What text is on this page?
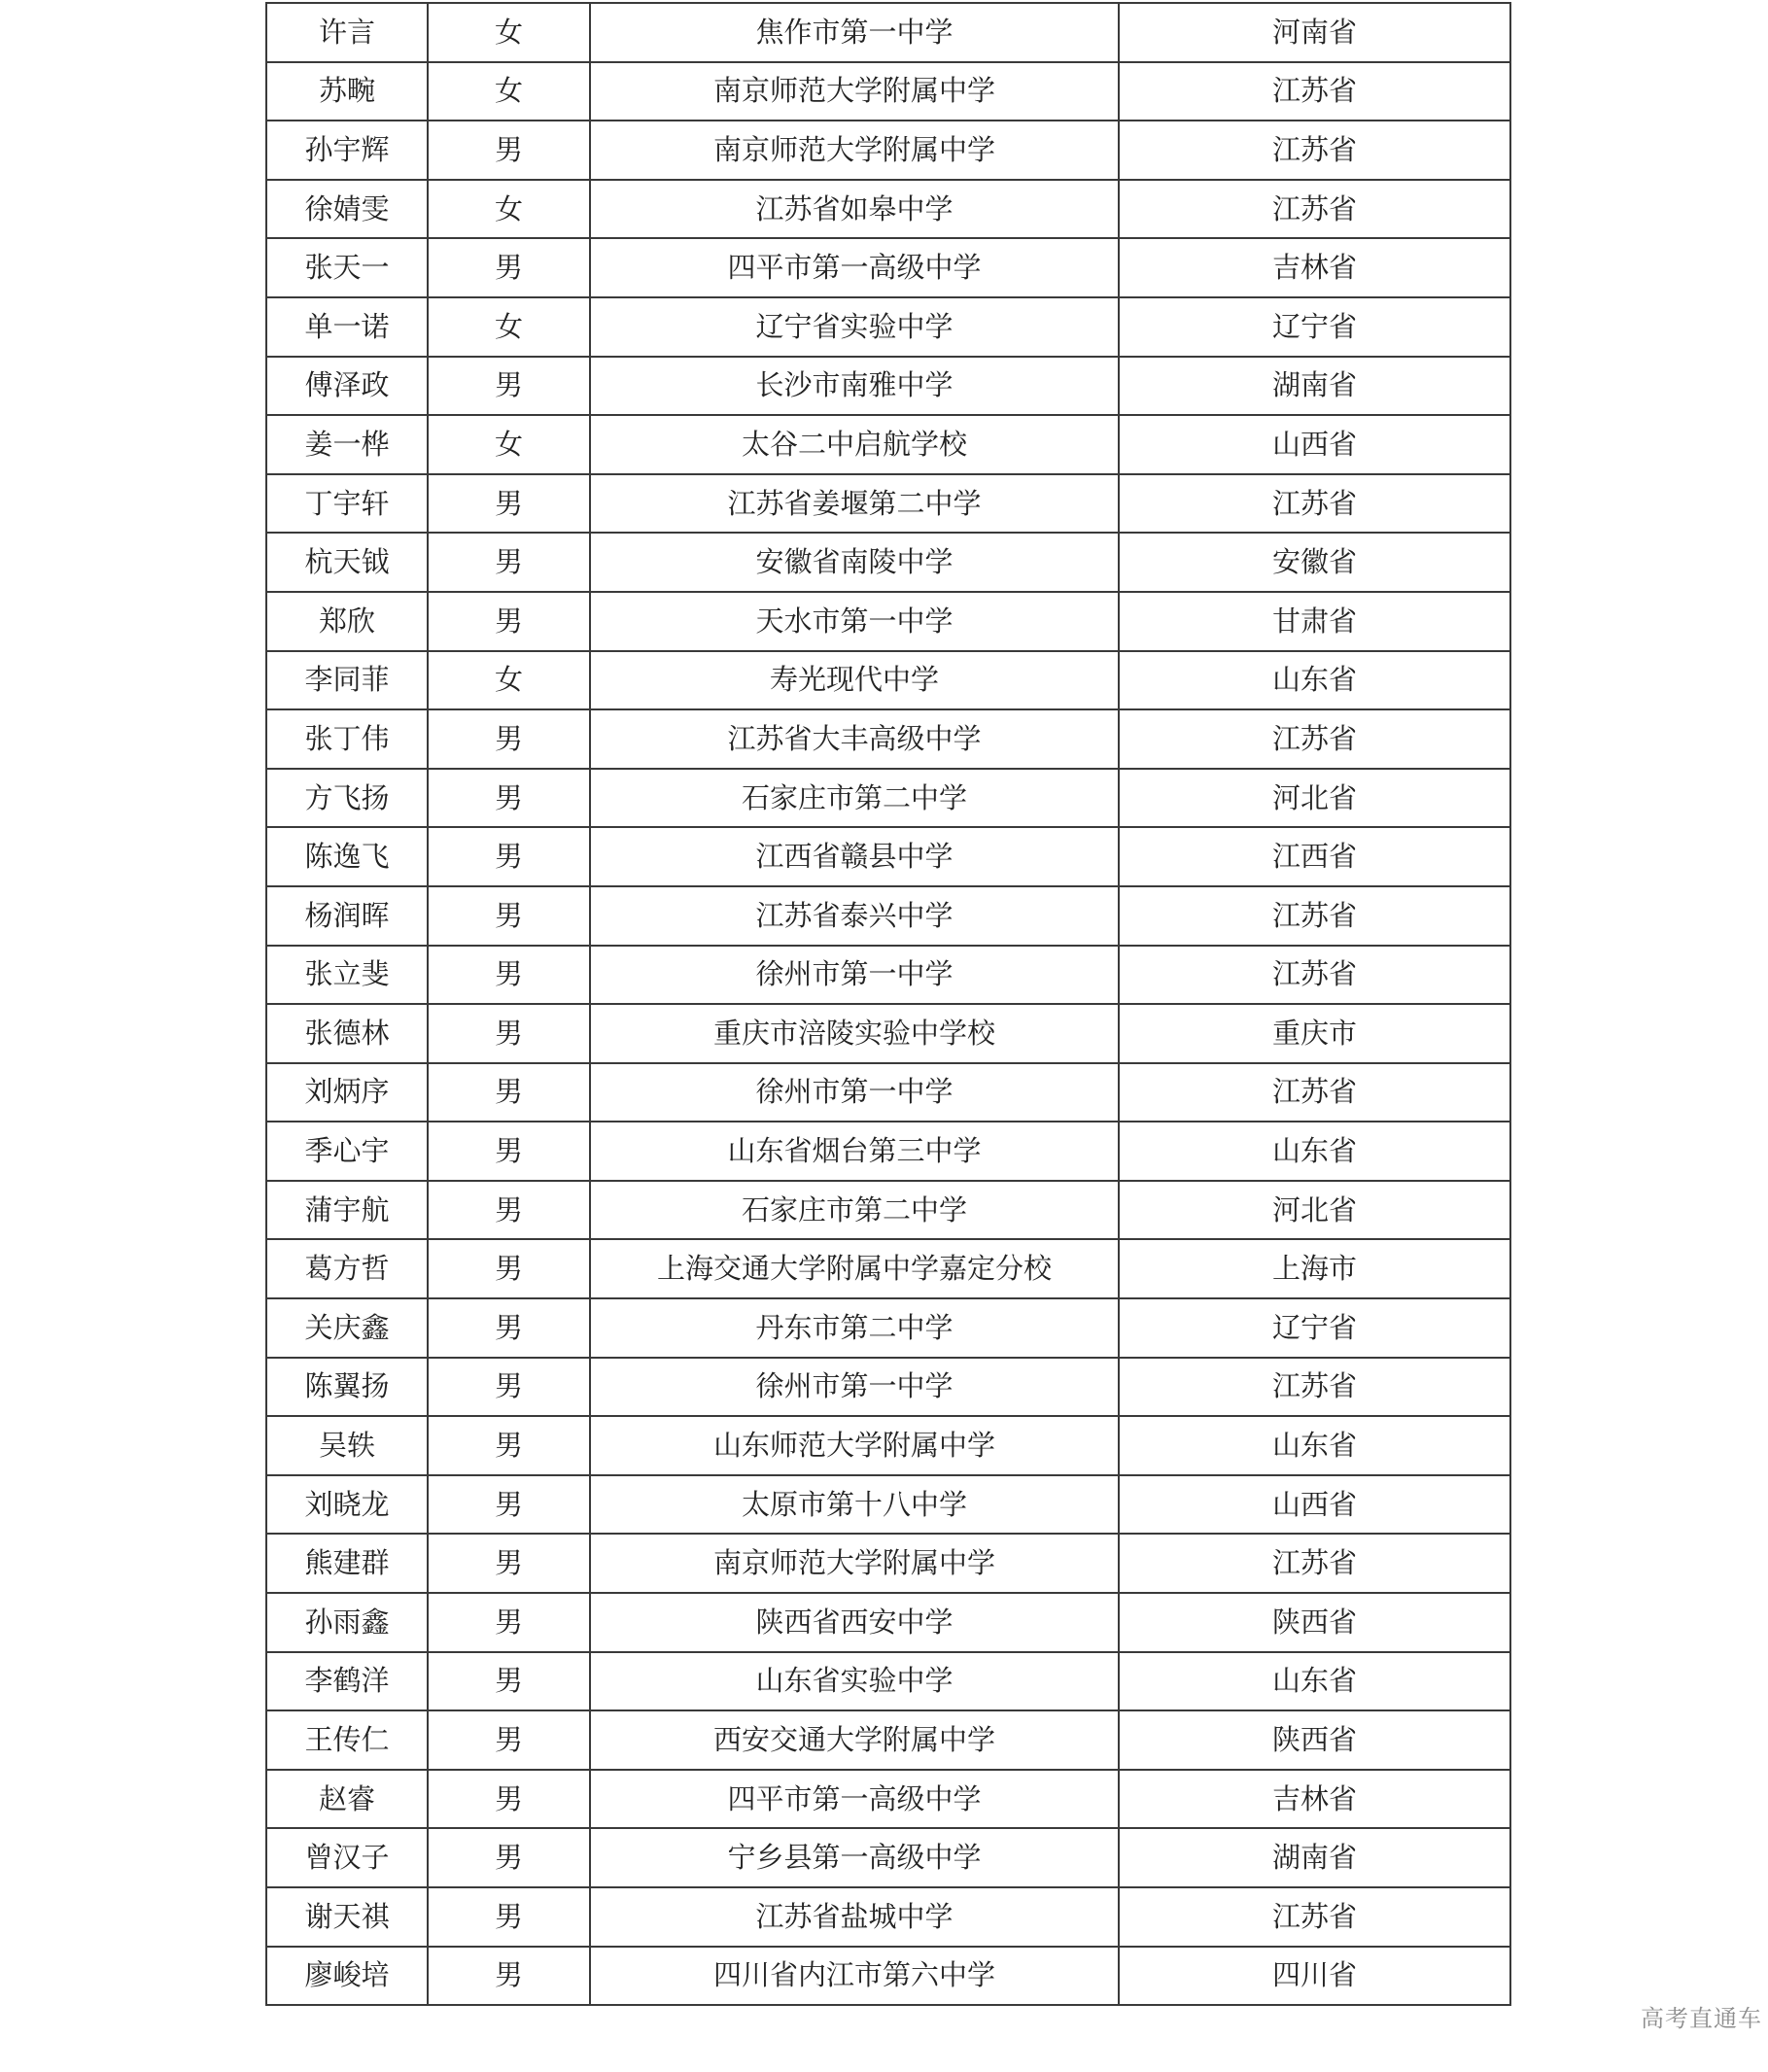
许言	女	焦作市第一中学	河南省
苏畹	女	南京师范大学附属中学	江苏省
孙宇辉	男	南京师范大学附属中学	江苏省
徐婧雯	女	江苏省如皋中学	江苏省
张天一	男	四平市第一高级中学	吉林省
单一诺	女	辽宁省实验中学	辽宁省
傅泽政	男	长沙市南雅中学	湖南省
姜一桦	女	太谷二中启航学校	山西省
丁宇轩	男	江苏省姜堰第二中学	江苏省
杭天钺	男	安徽省南陵中学	安徽省
郑欣	男	天水市第一中学	甘肃省
李同菲	女	寿光现代中学	山东省
张丁伟	男	江苏省大丰高级中学	江苏省
方飞扬	男	石家庄市第二中学	河北省
陈逸飞	男	江西省赣县中学	江西省
杨润晖	男	江苏省泰兴中学	江苏省
张立斐	男	徐州市第一中学	江苏省
张德林	男	重庆市涪陵实验中学校	重庆市
刘炳序	男	徐州市第一中学	江苏省
季心宇	男	山东省烟台第三中学	山东省
蒲宇航	男	石家庄市第二中学	河北省
葛方哲	男	上海交通大学附属中学嘉定分校	上海市
关庆鑫	男	丹东市第二中学	辽宁省
陈翼扬	男	徐州市第一中学	江苏省
吴轶	男	山东师范大学附属中学	山东省
刘晓龙	男	太原市第十八中学	山西省
熊建群	男	南京师范大学附属中学	江苏省
孙雨鑫	男	陕西省西安中学	陕西省
李鹤洋	男	山东省实验中学	山东省
王传仁	男	西安交通大学附属中学	陕西省
赵睿	男	四平市第一高级中学	吉林省
曾汉子	男	宁乡县第一高级中学	湖南省
谢天祺	男	江苏省盐城中学	江苏省
廖峻培	男	四川省内江市第六中学	四川省
高考直通车
